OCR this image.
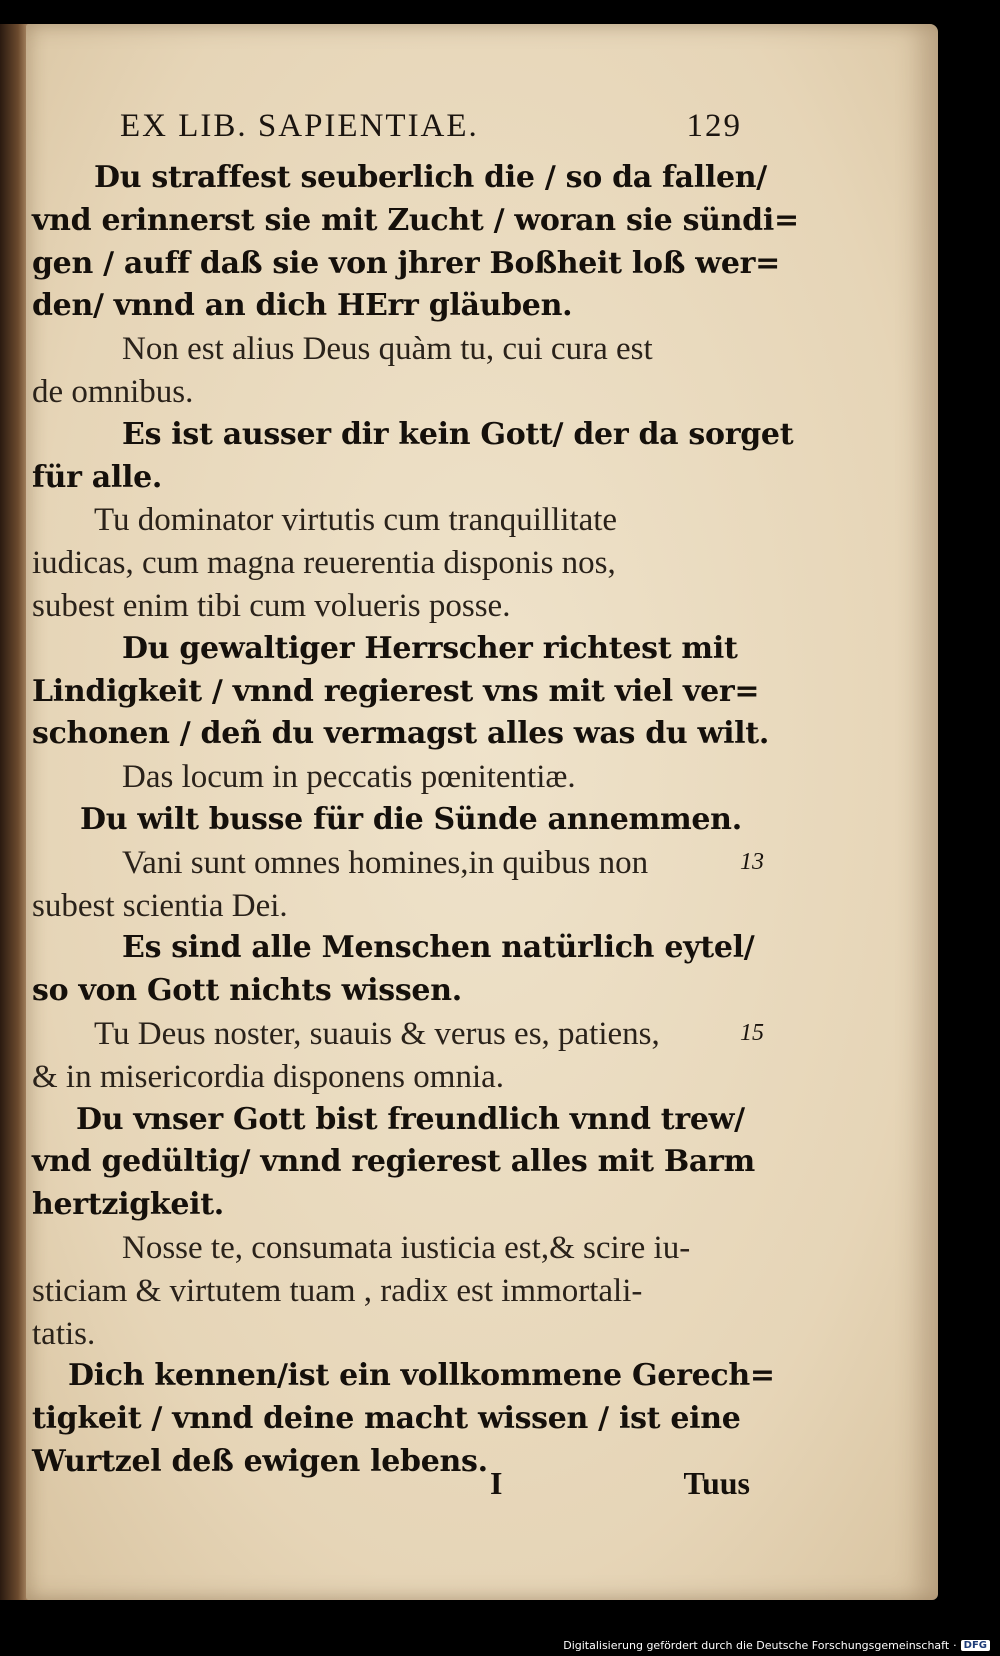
EX LIB. SAPIENTIAE.	129
Du straffest seuberlich die / so da fallen/
vnd erinnerst sie mit Zucht / woran sie sündi=
gen / auff daß sie von jhrer Boßheit loß wer=
den/ vnnd an dich HErr gläuben.
Non est alius Deus quàm tu, cui cura est
de omnibus.
Es ist ausser dir kein Gott/ der da sorget
für alle.
Tu dominator virtutis cum tranquillitate
iudicas, cum magna reuerentia disponis nos,
subest enim tibi cum volueris posse.
Du gewaltiger Herrscher richtest mit
Lindigkeit / vnnd regierest vns mit viel ver=
schonen / deñ du vermagst alles was du wilt.
Das locum in peccatis pœnitentiæ.
Du wilt busse für die Sünde annemmen.
Vani sunt omnes homines,in quibus non
subest scientia Dei.
Es sind alle Menschen natürlich eytel/
so von Gott nichts wissen.
Tu Deus noster, suauis & verus es, patiens,
& in misericordia disponens omnia.
Du vnser Gott bist freundlich vnnd trew/
vnd gedültig/ vnnd regierest alles mit Barm
hertzigkeit.
Nosse te, consumata iusticia est,& scire iu-
sticiam & virtutem tuam , radix est immortali-
tatis.
Dich kennen/ist ein vollkommene Gerech=
tigkeit / vnnd deine macht wissen / ist eine
Wurtzel deß ewigen lebens.
13
15
I	Tuus
Digitalisierung gefördert durch die Deutsche Forschungsgemeinschaft · DFG
